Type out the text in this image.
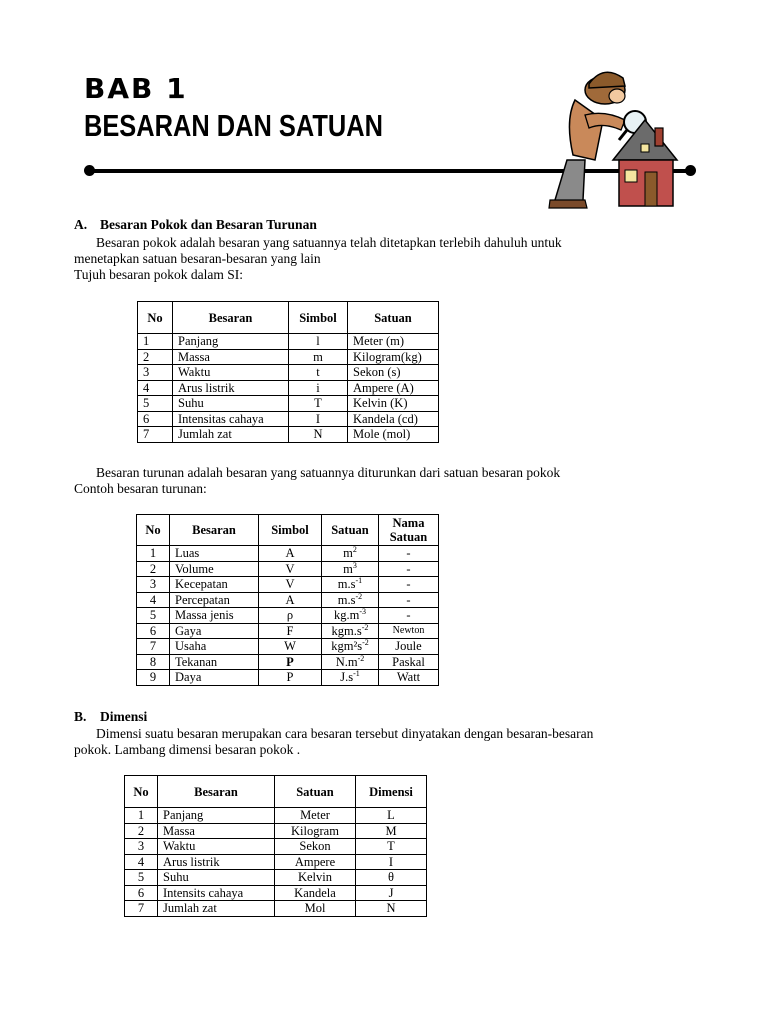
BAB 1
BESARAN DAN SATUAN
A. Besaran Pokok dan Besaran Turunan
Besaran pokok adalah besaran yang satuannya telah ditetapkan terlebih dahuluh untuk
menetapkan satuan besaran-besaran yang lain
Tujuh besaran pokok dalam SI:
No	Besaran	Simbol	Satuan
1	Panjang	l	Meter (m)
2	Massa	m	Kilogram(kg)
3	Waktu	t	Sekon (s)
4	Arus listrik	i	Ampere (A)
5	Suhu	T	Kelvin (K)
6	Intensitas cahaya	I	Kandela (cd)
7	Jumlah zat	N	Mole (mol)
Besaran turunan adalah besaran yang satuannya diturunkan dari satuan besaran pokok
Contoh besaran turunan:
No	Besaran	Simbol	Satuan	Nama
Satuan

1	Luas	A	$m^2$	-
2	Volume	V	$m^3$	-
3	Kecepatan	V	$m.s^{-1}$	-
4	Percepatan	A	$m.s^{-2}$	-
5	Massa jenis	ρ	$kg.m^{-3}$	-
6	Gaya	F	$kgm.s^{-2}$	Newton
7	Usaha	W	$kgm^2s^{-2}$	Joule
8	Tekanan	P	$N.m^{-2}$	Paskal
9	Daya	P	$J.s^{-1}$	Watt
B. Dimensi
Dimensi suatu besaran merupakan cara besaran tersebut dinyatakan dengan besaran-besaran
pokok. Lambang dimensi besaran pokok .
No	Besaran	Satuan	Dimensi
1	Panjang	Meter	L
2	Massa	Kilogram	M
3	Waktu	Sekon	T
4	Arus listrik	Ampere	I
5	Suhu	Kelvin	θ
6	Intensits cahaya	Kandela	J
7	Jumlah zat	Mol	N
